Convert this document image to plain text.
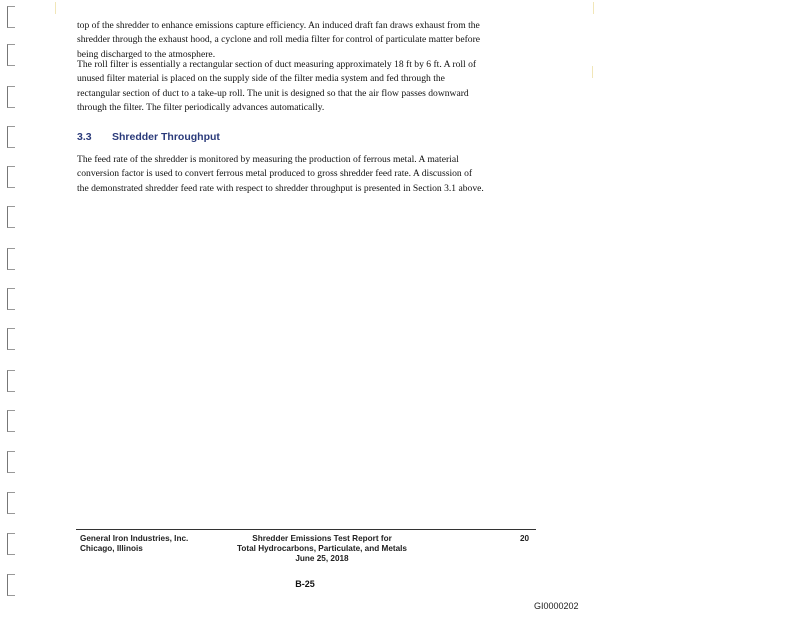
top of the shredder to enhance emissions capture efficiency. An induced draft fan draws exhaust from the
shredder through the exhaust hood, a cyclone and roll media filter for control of particulate matter before
being discharged to the atmosphere.
The roll filter is essentially a rectangular section of duct measuring approximately 18 ft by 6 ft. A roll of
unused filter material is placed on the supply side of the filter media system and fed through the
rectangular section of duct to a take-up roll. The unit is designed so that the air flow passes downward
through the filter. The filter periodically advances automatically.
3.3 Shredder Throughput
The feed rate of the shredder is monitored by measuring the production of ferrous metal. A material
conversion factor is used to convert ferrous metal produced to gross shredder feed rate. A discussion of
the demonstrated shredder feed rate with respect to shredder throughput is presented in Section 3.1 above.
General Iron Industries, Inc.
Chicago, Illinois
Shredder Emissions Test Report for
Total Hydrocarbons, Particulate, and Metals
June 25, 2018
20
B-25
GI0000202
